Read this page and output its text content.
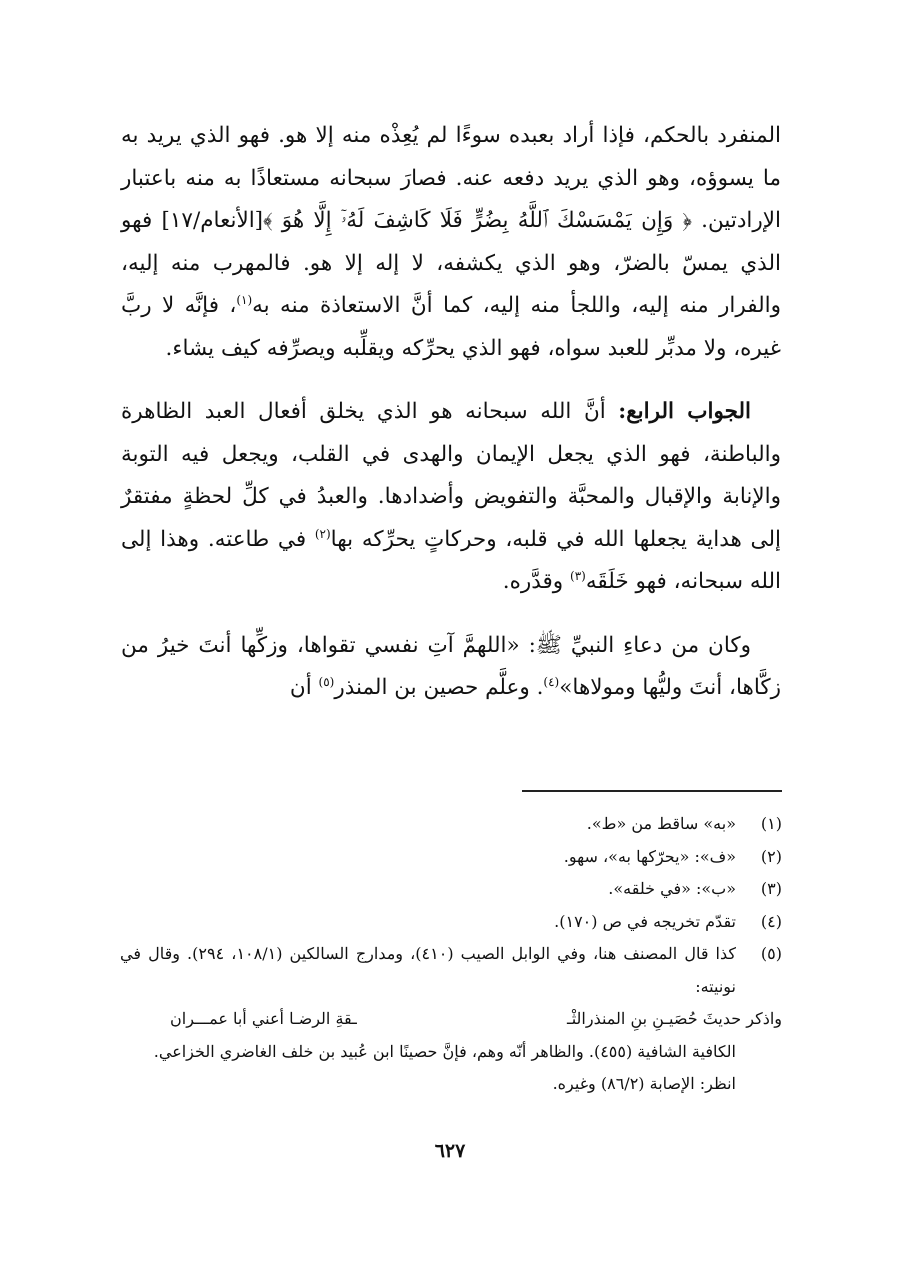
المنفرد بالحكم، فإذا أراد بعبده سوءًا لم يُعِذْه منه إلا هو. فهو الذي يريد به ما يسوؤه، وهو الذي يريد دفعه عنه. فصارَ سبحانه مستعاذًا به منه باعتبار الإرادتين. ﴿ وَإِن يَمْسَسْكَ ٱللَّهُ بِضُرٍّ فَلَا كَاشِفَ لَهُۥٓ إِلَّا هُوَ ﴾[الأنعام/١٧] فهو الذي يمسّ بالضرّ، وهو الذي يكشفه، لا إله إلا هو. فالمهرب منه إليه، والفرار منه إليه، واللجأ منه إليه، كما أنَّ الاستعاذة منه به$^{(١)}$، فإنَّه لا ربَّ غيره، ولا مدبِّر للعبد سواه، فهو الذي يحرِّكه ويقلِّبه ويصرِّفه كيف يشاء.

الجواب الرابع: أنَّ الله سبحانه هو الذي يخلق أفعال العبد الظاهرة والباطنة، فهو الذي يجعل الإيمان والهدى في القلب، ويجعل فيه التوبة والإنابة والإقبال والمحبَّة والتفويض وأضدادها. والعبدُ في كلِّ لحظةٍ مفتقرٌ إلى هداية يجعلها الله في قلبه، وحركاتٍ يحرِّكه بها$^{(٢)}$ في طاعته. وهذا إلى الله سبحانه، فهو خَلَقَه$^{(٣)}$ وقدَّره.

وكان من دعاءِ النبيِّ ﷺ: «اللهمَّ آتِ نفسي تقواها، وزكِّها أنتَ خيرُ من زكَّاها، أنتَ وليُّها ومولاها»$^{(٤)}$. وعلَّم حصين بن المنذر$^{(٥)}$ أن

(١)
«به» ساقط من «ط».
(٢)
«ف»: «يحرّكها به»، سهو.
(٣)
«ب»: «في خلقه».
(٤)
تقدّم تخريجه في ص (١٧٠).
(٥)
كذا قال المصنف هنا، وفي الوابل الصيب (٤١٠)، ومدارج السالكين (١٠٨/١، ٢٩٤). وقال في نونيته:
واذكر حديثَ حُصَيـنِ بنِ المنذرالثْـ
ـقةِ الرضـا أعني أبا عمـــران
الكافية الشافية (٤٥٥). والظاهر أنّه وهم، فإنَّ حصينًا ابن عُبيد بن خلف الغاضري الخزاعي. انظر: الإصابة (٨٦/٢) وغيره.
٦٢٧
